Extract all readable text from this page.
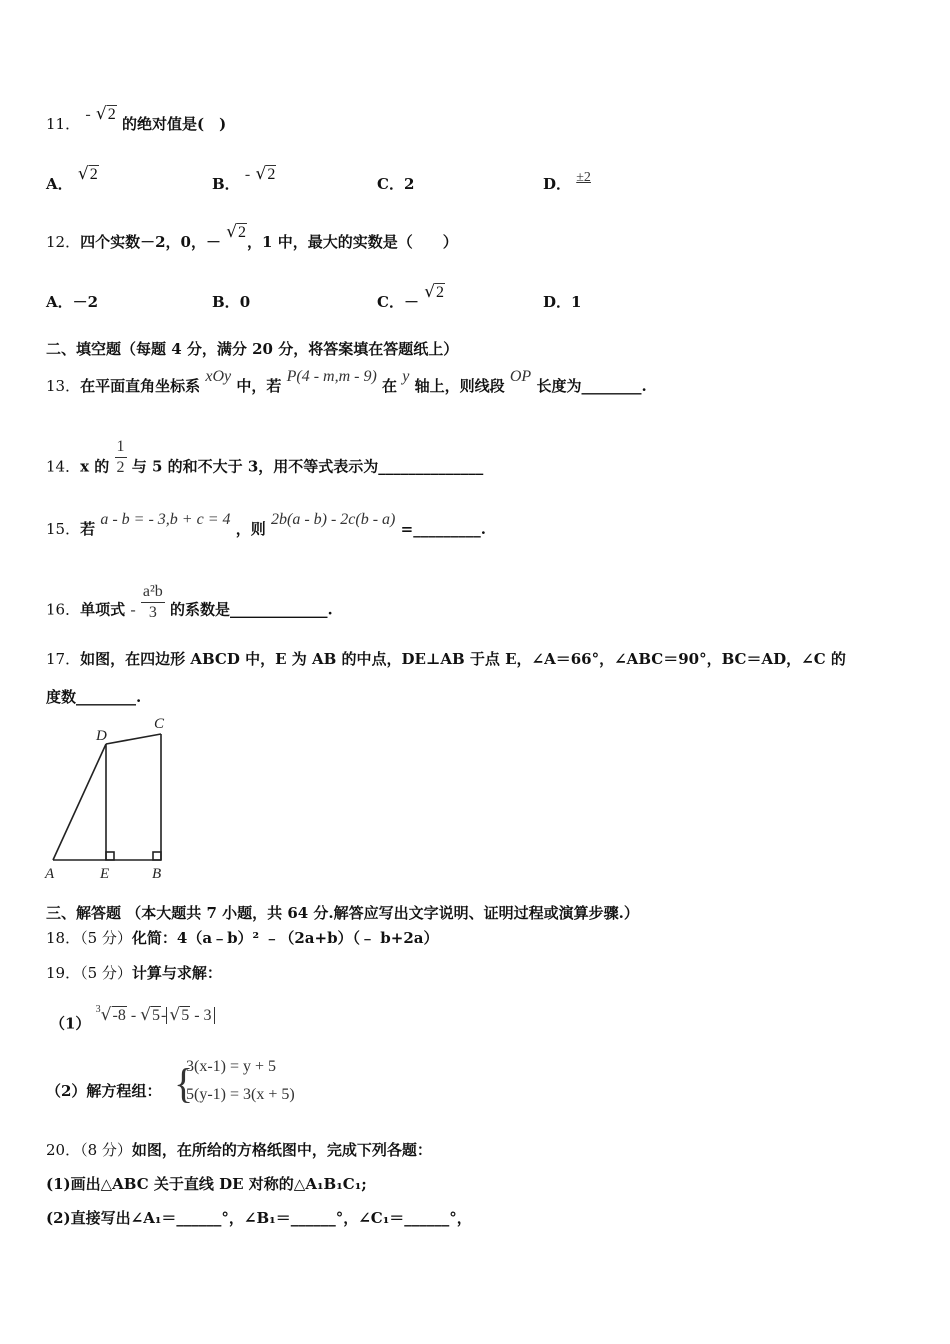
11． - √2 的绝对值是(　)
A． √2
B． - √2
C．2	D． ±2
12．四个实数－2，0，－ √2，1 中，最大的实数是（　　）
A．－2	B．0	C．－ √2
D．1
二、填空题（每题 4 分，满分 20 分，将答案填在答题纸上）
13．在平面直角坐标系 xOy 中，若 P(4 - m,m - 9) 在 y 轴上，则线段 OP 长度为________.
14．x 的 $\frac{1}{2}$ 与 5 的和不大于 3，用不等式表示为______________
15．若 a - b = - 3,b + c = 4 ，则 2b(a - b) - 2c(b - a) =_________.
16．单项式 - $\frac{\text{a²b}}{3}$ 的系数是_____________.
17．如图，在四边形 ABCD 中，E 为 AB 的中点，DE⊥AB 于点 E，∠A＝66°，∠ABC＝90°，BC＝AD，∠C 的
度数________.
A	E	B
C
D
三、解答题 （本大题共 7 小题，共 64 分.解答应写出文字说明、证明过程或演算步骤.）
18．（5 分）化简：4（a﹣b）² ﹣（2a+b）（﹣ b+2a）
19．（5 分）计算与求解：
（1） $^3$√-8 - √5- √5 - 3
（2）解方程组： {
3(x-1) = y + 5
5(y-1) = 3(x + 5)
20．（8 分）如图，在所给的方格纸图中，完成下列各题：
(1)画出△ABC 关于直线 DE 对称的△A₁B₁C₁;
(2)直接写出∠A₁＝______°，∠B₁＝______°，∠C₁＝______°，
